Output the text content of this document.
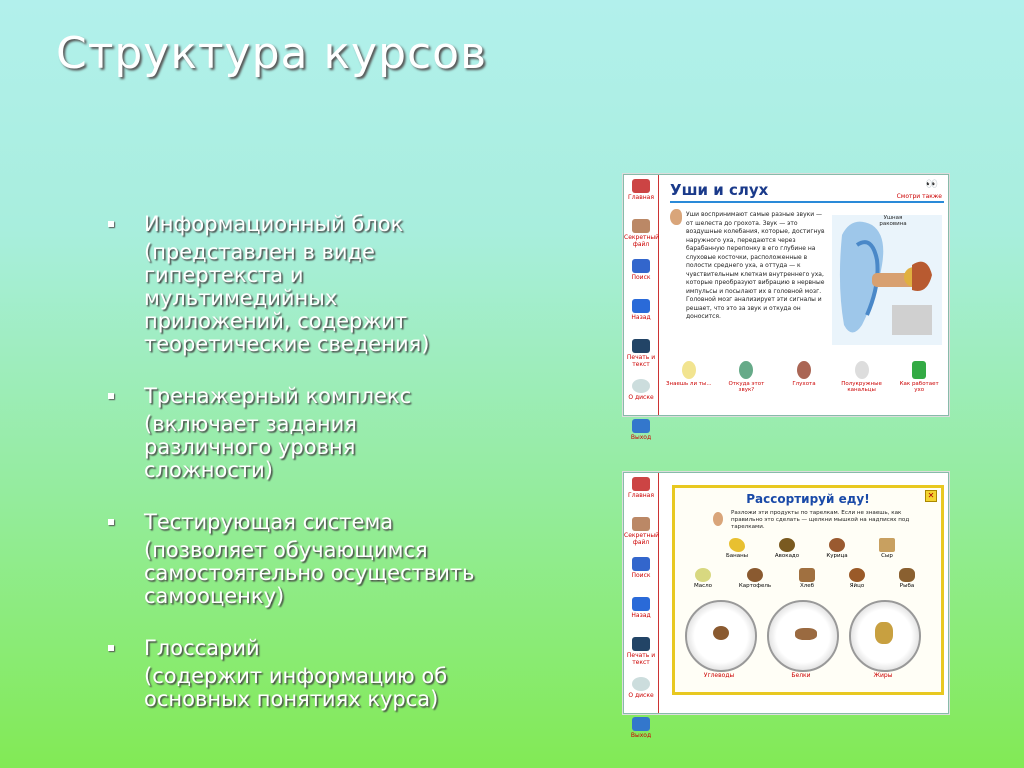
Структура курсов
Информационный блок
(представлен в виде
гипертекста и
мультимедийных
приложений, содержит
теоретические сведения)
Тренажерный комплекс
(включает задания
различного уровня
сложности)
Тестирующая система
(позволяет обучающимся
самостоятельно осуществить
самооценку)
Глоссарий
(содержит информацию об
основных понятиях курса)
Главная
Секретный файл
Поиск
Назад
Печать и текст
О диске
Выход
Уши и слух	👀
Смотри также
Уши воспринимают самые разные звуки — от шелеста до грохота. Звук — это воздушные колебания, которые, достигнув наружного уха, передаются через барабанную перепонку в его глубине на слуховые косточки, расположенные в полости среднего уха, а оттуда — к чувствительным клеткам внутреннего уха, которые преобразуют вибрацию в нервные импульсы и посылают их в головной мозг. Головной мозг анализирует эти сигналы и решает, что это за звук и откуда он доносится.
Ушная раковина
Знаешь ли ты...	Откуда этот звук?
Глухота	Полукружные канальцы
Как работает ухо
Главная
Секретный файл
Поиск
Назад
Печать и текст
О диске
Выход
Рассортируй еду!	✕
Разложи эти продукты по тарелкам. Если не знаешь, как правильно это сделать — щелкни мышкой на надписях под тарелками.
Бананы	Авокадо	Курица	Сыр
Масло	Картофель	Хлеб	Яйцо	Рыба
Углеводы	Белки	Жиры
